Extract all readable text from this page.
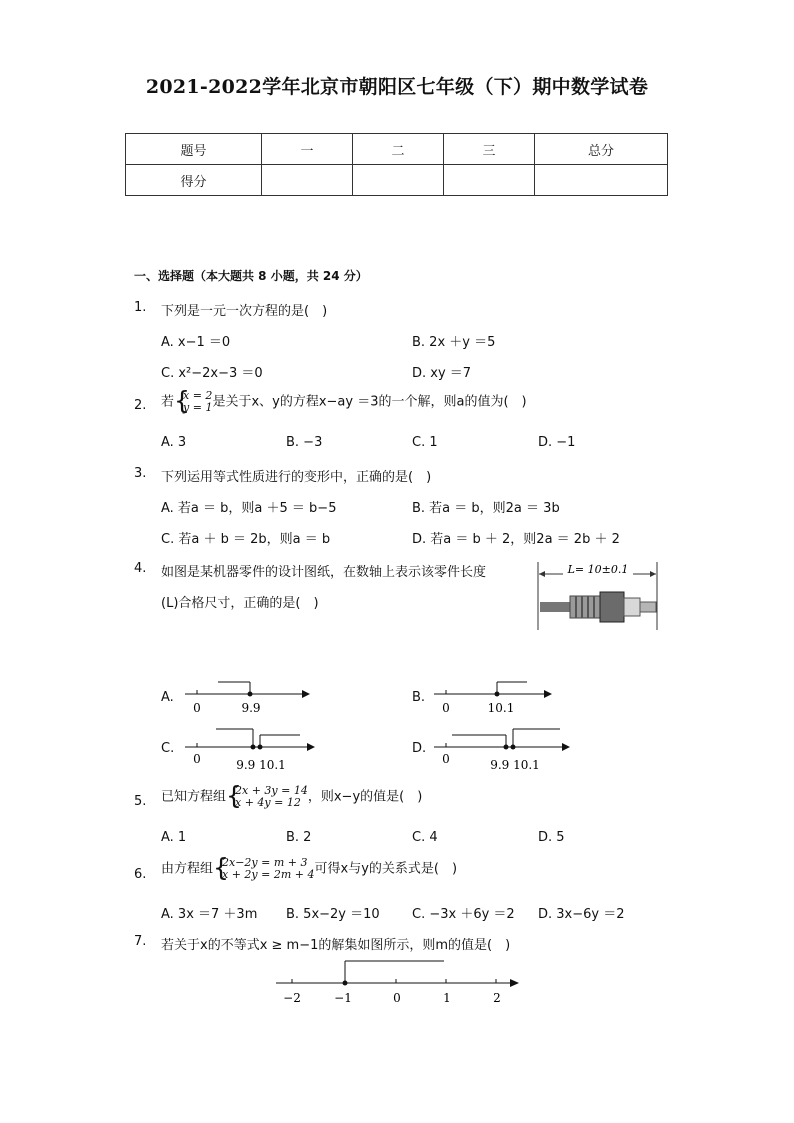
2021-2022学年北京市朝阳区七年级（下）期中数学试卷
题号	一	二	三	总分
得分				
一、选择题（本大题共 8 小题，共 24 分）
1. 下列是一元一次方程的是(　)
A. x−1 ＝0	B. 2x ＋y ＝5
C. x²−2x−3 ＝0	D. xy ＝7
2. 若 { x = 2
y = 1 是关于x、y的方程x−ay ＝3的一个解，则a的值为(　)
A. 3	B. −3	C. 1	D. −1
3. 下列运用等式性质进行的变形中，正确的是(　)
A. 若a ＝ b，则a ＋5 ＝ b−5	B. 若a ＝ b，则2a ＝ 3b
C. 若a ＋ b ＝ 2b，则a ＝ b	D. 若a ＝ b ＋ 2，则2a ＝ 2b ＋ 2
4. 如图是某机器零件的设计图纸，在数轴上表示该零件长度
(L)合格尺寸，正确的是(　)
L= 10±0.1
A.
0	9.9
B.
0	10.1
C.
0	9.9 10.1
D.
0	9.9 10.1
5. 已知方程组 { 2x + 3y = 14
x + 4y = 12 ，则x−y的值是(　)
A. 1	B. 2	C. 4	D. 5
6. 由方程组 { 2x−2y = m + 3
x + 2y = 2m + 4 可得x与y的关系式是(　)
A. 3x ＝7 ＋3m B. 5x−2y ＝10 C. −3x ＋6y ＝2 D. 3x−6y ＝2
7. 若关于x的不等式x ≥ m−1的解集如图所示，则m的值是(　)
−2	−1	0	1	2
